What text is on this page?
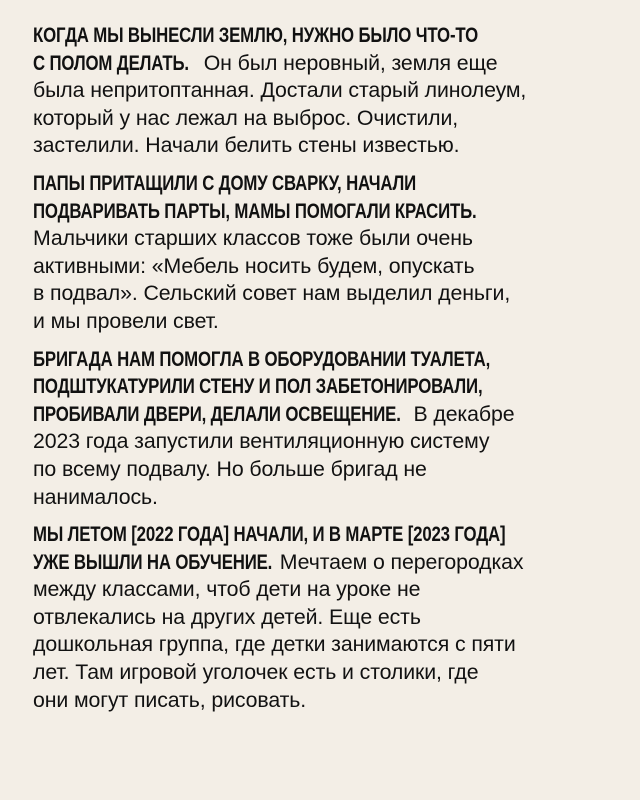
КОГДА МЫ ВЫНЕСЛИ ЗЕМЛЮ, НУЖНО БЫЛО ЧТО-ТО
С ПОЛОМ ДЕЛАТЬ. Он был неровный, земля еще
была непритоптанная. Достали старый линолеум,
который у нас лежал на выброс. Очистили,
застелили. Начали белить стены известью.
ПАПЫ ПРИТАЩИЛИ С ДОМУ СВАРКУ, НАЧАЛИ
ПОДВАРИВАТЬ ПАРТЫ, МАМЫ ПОМОГАЛИ КРАСИТЬ.
Мальчики старших классов тоже были очень
активными: «Мебель носить будем, опускать
в подвал». Сельский совет нам выделил деньги,
и мы провели свет.
БРИГАДА НАМ ПОМОГЛА В ОБОРУДОВАНИИ ТУАЛЕТА,
ПОДШТУКАТУРИЛИ СТЕНУ И ПОЛ ЗАБЕТОНИРОВАЛИ,
ПРОБИВАЛИ ДВЕРИ, ДЕЛАЛИ ОСВЕЩЕНИЕ. В декабре
2023 года запустили вентиляционную систему
по всему подвалу. Но больше бригад не
нанималось.
МЫ ЛЕТОМ [2022 ГОДА] НАЧАЛИ, И В МАРТЕ [2023 ГОДА]
УЖЕ ВЫШЛИ НА ОБУЧЕНИЕ. Мечтаем о перегородках
между классами, чтоб дети на уроке не
отвлекались на других детей. Еще есть
дошкольная группа, где детки занимаются с пяти
лет. Там игровой уголочек есть и столики, где
они могут писать, рисовать.
